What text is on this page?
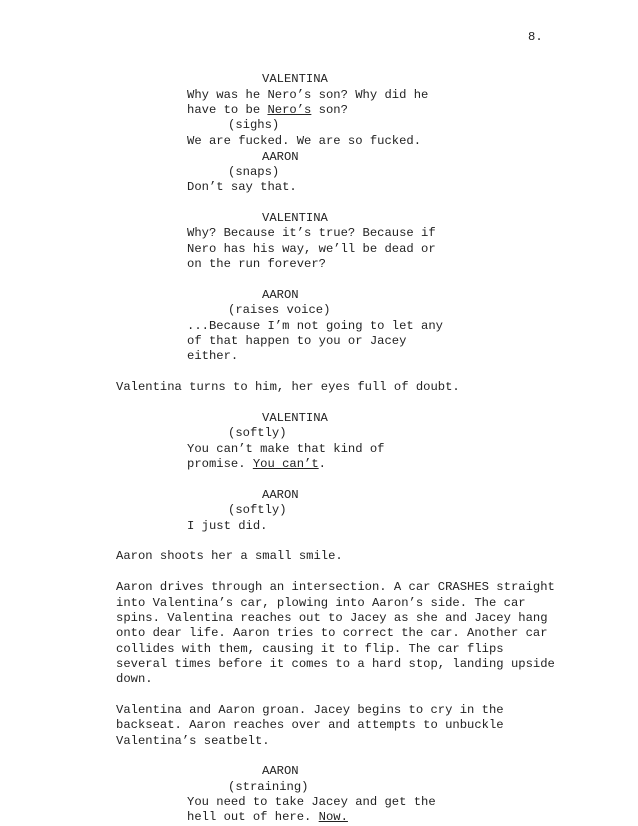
8.
VALENTINA
Why was he Nero’s son? Why did he
have to be Nero’s son?
(sighs)
We are fucked. We are so fucked.
AARON
(snaps)
Don’t say that.
VALENTINA
Why? Because it’s true? Because if
Nero has his way, we’ll be dead or
on the run forever?
AARON
(raises voice)
...Because I’m not going to let any
of that happen to you or Jacey
either.
Valentina turns to him, her eyes full of doubt.
VALENTINA
(softly)
You can’t make that kind of
promise. You can’t.
AARON
(softly)
I just did.
Aaron shoots her a small smile.
Aaron drives through an intersection. A car CRASHES straight
into Valentina’s car, plowing into Aaron’s side. The car
spins. Valentina reaches out to Jacey as she and Jacey hang
onto dear life. Aaron tries to correct the car. Another car
collides with them, causing it to flip. The car flips
several times before it comes to a hard stop, landing upside
down.
Valentina and Aaron groan. Jacey begins to cry in the
backseat. Aaron reaches over and attempts to unbuckle
Valentina’s seatbelt.
AARON
(straining)
You need to take Jacey and get the
hell out of here. Now.
